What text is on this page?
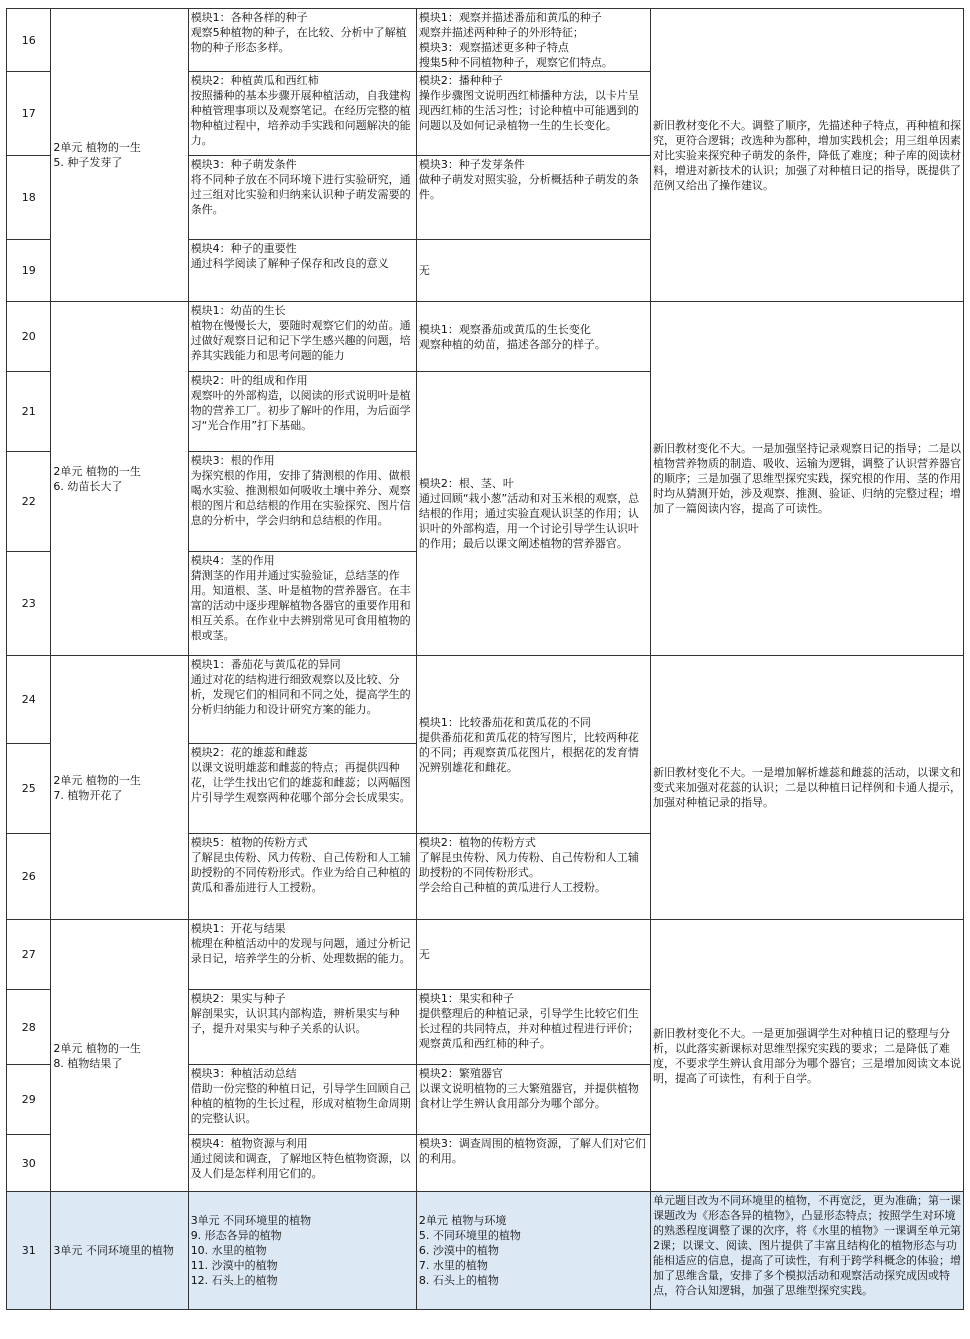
16	2单元 植物的一生
5. 种子发芽了	模块1：各种各样的种子
观察5种植物的种子，在比较、分析中了解植物的种子形态多样。	模块1：观察并描述番茄和黄瓜的种子
观察并描述两种种子的外形特征；
模块3：观察描述更多种子特点
搜集5种不同植物种子，观察它们特点。	新旧教材变化不大。调整了顺序，先描述种子特点，再种植和探究，更符合逻辑；改选种为都种，增加实践机会；用三组单因素对比实验来探究种子萌发的条件，降低了难度；种子库的阅读材料，增进对新技术的认识；加强了对种植日记的指导，既提供了范例又给出了操作建议。
17		模块2：种植黄瓜和西红柿
按照播种的基本步骤开展种植活动，自我建构种植管理事项以及观察笔记。在经历完整的植物种植过程中，培养动手实践和问题解决的能力。	模块2：播种种子
操作步骤图文说明西红柿播种方法，以卡片呈现西红柿的生活习性；讨论种植中可能遇到的问题以及如何记录植物一生的生长变化。	
18		模块3：种子萌发条件
将不同种子放在不同环境下进行实验研究，通过三组对比实验和归纳来认识种子萌发需要的条件。	模块3：种子发芽条件
做种子萌发对照实验，分析概括种子萌发的条件。	
19		模块4：种子的重要性
通过科学阅读了解种子保存和改良的意义	无	
20	2单元 植物的一生
6. 幼苗长大了	模块1：幼苗的生长
植物在慢慢长大，要随时观察它们的幼苗。通过做好观察日记和记下学生感兴趣的问题，培养其实践能力和思考问题的能力	模块1：观察番茄或黄瓜的生长变化
观察种植的幼苗，描述各部分的样子。	新旧教材变化不大。一是加强坚持记录观察日记的指导；二是以植物营养物质的制造、吸收、运输为逻辑，调整了认识营养器官的顺序；三是加强了思维型探究实践，探究根的作用、茎的作用时均从猜测开始，涉及观察、推测、验证、归纳的完整过程；增加了一篇阅读内容，提高了可读性。
21		模块2：叶的组成和作用
观察叶的外部构造，以阅读的形式说明叶是植物的营养工厂。初步了解叶的作用，为后面学习“光合作用”打下基础。	模块2：根、茎、叶
通过回顾“栽小葱”活动和对玉米根的观察，总结根的作用；通过实验直观认识茎的作用；认识叶的外部构造，用一个讨论引导学生认识叶的作用；最后以课文阐述植物的营养器官。	
22		模块3：根的作用
为探究根的作用，安排了猜测根的作用、做根喝水实验、推测根如何吸收土壤中养分、观察根的图片和总结根的作用在实验探究、图片信息的分析中，学会归纳和总结根的作用。		
23		模块4：茎的作用
猜测茎的作用并通过实验验证，总结茎的作用。知道根、茎、叶是植物的营养器官。在丰富的活动中逐步理解植物各器官的重要作用和相互关系。在作业中去辨别常见可食用植物的根或茎。		
24	2单元 植物的一生
7. 植物开花了	模块1：番茄花与黄瓜花的异同
通过对花的结构进行细致观察以及比较、分析，发现它们的相同和不同之处，提高学生的分析归纳能力和设计研究方案的能力。	模块1：比较番茄花和黄瓜花的不同
提供番茄花和黄瓜花的特写图片，比较两种花的不同；再观察黄瓜花图片，根据花的发育情况辨别雄花和雌花。	新旧教材变化不大。一是增加解析雄蕊和雌蕊的活动，以课文和变式来加强对花蕊的认识；二是以种植日记样例和卡通人提示，加强对种植记录的指导。
25		模块2：花的雄蕊和雌蕊
以课文说明雄蕊和雌蕊的特点；再提供四种花，让学生找出它们的雄蕊和雌蕊；以两幅图片引导学生观察两种花哪个部分会长成果实。		
26		模块5：植物的传粉方式
了解昆虫传粉、风力传粉、自己传粉和人工辅助授粉的不同传粉形式。作业为给自己种植的黄瓜和番茄进行人工授粉。	模块2：植物的传粉方式
了解昆虫传粉、风力传粉、自己传粉和人工辅助授粉的不同传粉形式。
学会给自己种植的黄瓜进行人工授粉。	
27	2单元 植物的一生
8. 植物结果了	模块1：开花与结果
梳理在种植活动中的发现与问题，通过分析记录日记，培养学生的分析、处理数据的能力。	无	新旧教材变化不大。一是更加强调学生对种植日记的整理与分析，以此落实新课标对思维型探究实践的要求；二是降低了难度，不要求学生辨认食用部分为哪个器官；三是增加阅读文本说明，提高了可读性，有利于自学。
28		模块2：果实与种子
解剖果实，认识其内部构造，辨析果实与种子，提升对果实与种子关系的认识。	模块1：果实和种子
提供整理后的种植记录，引导学生比较它们生长过程的共同特点，并对种植过程进行评价；观察黄瓜和西红柿的种子。	
29		模块3：种植活动总结
借助一份完整的种植日记，引导学生回顾自己种植的植物的生长过程，形成对植物生命周期的完整认识。	模块2：繁殖器官
以课文说明植物的三大繁殖器官，并提供植物食材让学生辨认食用部分为哪个部分。	
30		模块4：植物资源与利用
通过阅读和调查，了解地区特色植物资源，以及人们是怎样利用它们的。	模块3：调查周围的植物资源，了解人们对它们的利用。	
31	3单元 不同环境里的植物	3单元 不同环境里的植物
9. 形态各异的植物
10. 水里的植物
11. 沙漠中的植物
12. 石头上的植物	2单元 植物与环境
5. 不同环境里的植物
6. 沙漠中的植物
7. 水里的植物
8. 石头上的植物	单元题目改为不同环境里的植物，不再宽泛，更为准确；第一课课题改为《形态各异的植物》，凸显形态特点；按照学生对环境的熟悉程度调整了课的次序，将《水里的植物》一课调至单元第2课；以课文、阅读、图片提供了丰富且结构化的植物形态与功能相适应的信息，提高了可读性，有利于跨学科概念的体验；增加了思维含量，安排了多个模拟活动和观察活动探究成因或特点，符合认知逻辑，加强了思维型探究实践。
